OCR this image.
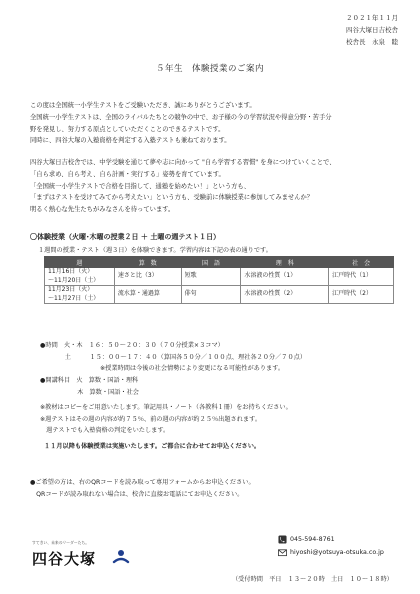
２０２１年１１月
四谷大塚日吉校舎
校舎長　永泉　睦
５年生　体験授業のご案内
この度は全国統一小学生テストをご受験いただき、誠にありがとうございます。
全国統一小学生テストは、全国のライバルたちとの競争の中で、お子様の今の学習状況や得意分野・苦手分
野を発見し、努力する原点としていただくことのできるテストです。
同時に、四谷大塚の入塾資格を判定する入塾テストも兼ねております。
四谷大塚日吉校舎では、中学受験を通じて夢や志に向かって "自ら学習する習慣" を身につけていくことで、
「自ら求め、自ら考え、自ら計画・実行する」姿勢を育てています。
「全国統一小学生テストで合格を目指して、通塾を始めたい！」という方も、
「まずはテストを受けてみてから考えたい」という方も、受験前に体験授業に参加してみませんか？
明るく熱心な先生たちがみなさんを待っています。
〇体験授業（火曜･木曜の授業２日 ＋ 土曜の週テスト１日）
１週間の授業・テスト（週３日）を体験できます。学習内容は下記の表の通りです。
週	算　数	国　語	理　科	社　会

11月16日（火）
～11月20日（土）	速さと比（3）	短歌	水溶液の性質（1）	江戸時代（1）

11月23日（火）
～11月27日（土）	流水算・通過算	俳句	水溶液の性質（2）	江戸時代（2）
●時間　火・木　１６：５０～２０：３０（７０分授業×３コマ）
　　　　土　　　１５：００～１７：４０（算国各５０分／１００点、理社各２０分／７０点）
※授業時間は今後の社会情勢により変更になる可能性があります。
●開講科目　火　算数・国語・理科
　　　　　　木　算数・国語・社会
※教材はコピーをご用意いたします。筆記用具・ノート（各教科１冊）をお持ちください。
※週テストはその週の内容が約７５％、前の週の内容が約２５％出題されます。
　週テストでも入塾資格の判定をいたします。
１１月以降も体験授業は実施いたします。ご都合に合わせてお申込ください。
●ご希望の方は、右のQRコードを読み取って専用フォームからお申込ください。
　QRコードが読み取れない場合は、校舎に直接お電話にてお申込ください。
すてきい、未来のリーダーたち。
四谷大塚
045-594-8761
hiyoshi@yotsuya-otsuka.co.jp
（受付時間　平日　１３～２０時　土日　１０～１８時）
